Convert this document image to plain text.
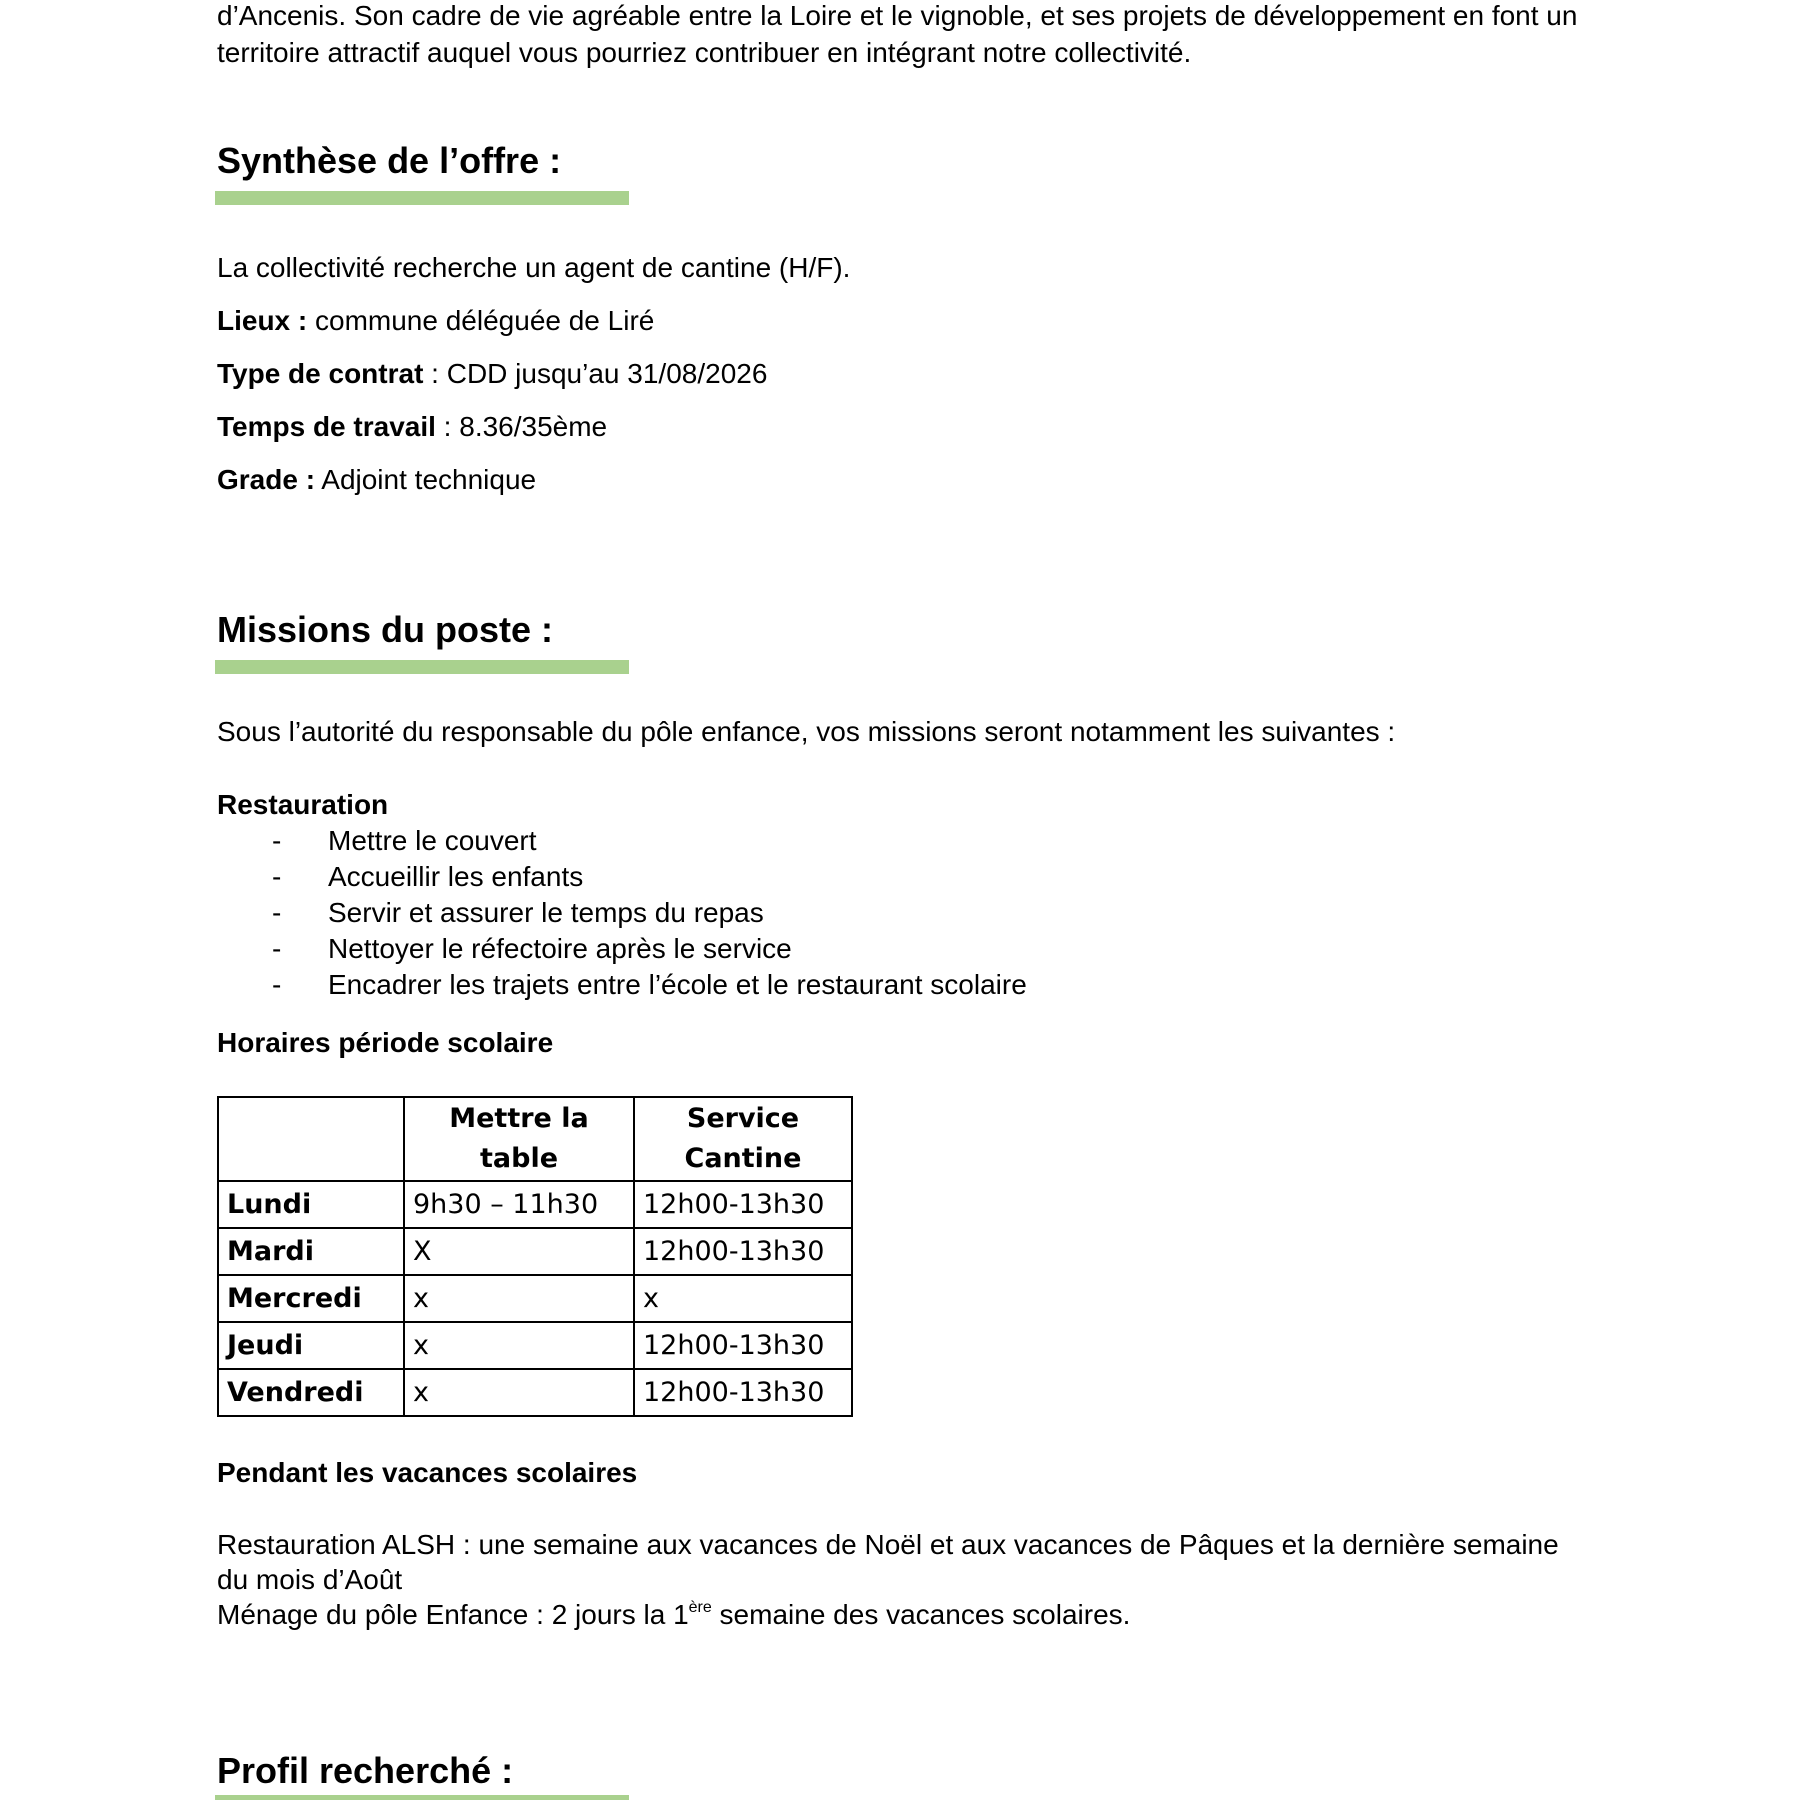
d’Ancenis. Son cadre de vie agréable entre la Loire et le vignoble, et ses projets de développement en font un
territoire attractif auquel vous pourriez contribuer en intégrant notre collectivité.
Synthèse de l’offre :
La collectivité recherche un agent de cantine (H/F).
Lieux : commune déléguée de Liré
Type de contrat : CDD jusqu’au 31/08/2026
Temps de travail : 8.36/35ème
Grade : Adjoint technique
Missions du poste :
Sous l’autorité du responsable du pôle enfance, vos missions seront notamment les suivantes :
Restauration
- Mettre le couvert
- Accueillir les enfants
- Servir et assurer le temps du repas
- Nettoyer le réfectoire après le service
- Encadrer les trajets entre l’école et le restaurant scolaire
Horaires période scolaire
	Mettre la table	Service Cantine
Lundi	9h30 – 11h30	12h00-13h30
Mardi	X	12h00-13h30
Mercredi	x	x
Jeudi	x	12h00-13h30
Vendredi	x	12h00-13h30
Pendant les vacances scolaires
Restauration ALSH : une semaine aux vacances de Noël et aux vacances de Pâques et la dernière semaine
du mois d’Août
Ménage du pôle Enfance : 2 jours la 1ère semaine des vacances scolaires.
Profil recherché :
